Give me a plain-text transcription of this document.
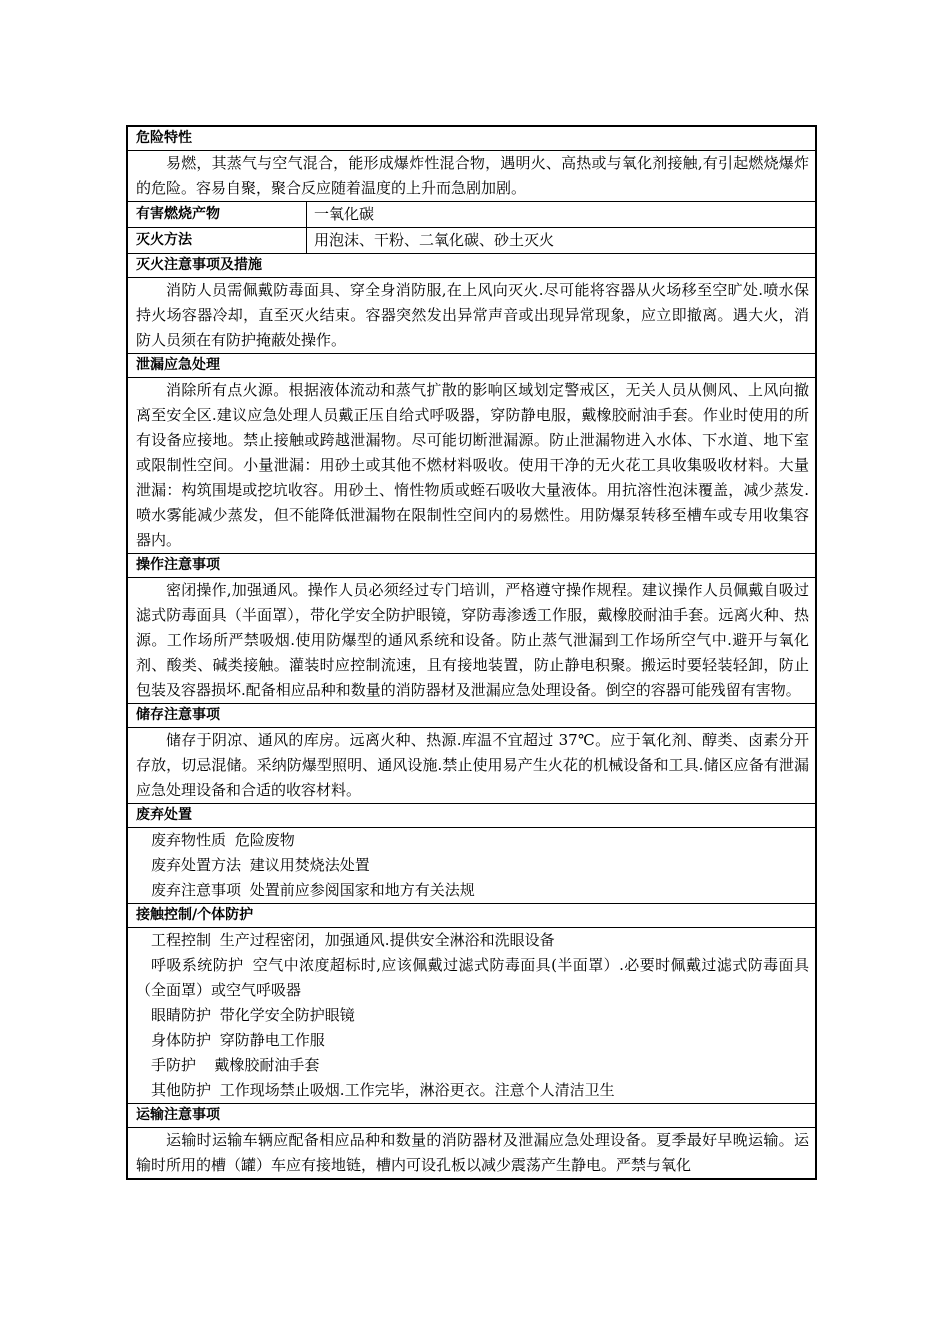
危险特性
易燃，其蒸气与空气混合，能形成爆炸性混合物，遇明火、高热或与氧化剂接触,有引起燃烧爆炸的危险。容易自聚，聚合反应随着温度的上升而急剧加剧。
有害燃烧产物	一氧化碳
灭火方法	用泡沫、干粉、二氧化碳、砂土灭火
灭火注意事项及措施
消防人员需佩戴防毒面具、穿全身消防服,在上风向灭火.尽可能将容器从火场移至空旷处.喷水保持火场容器冷却，直至灭火结束。容器突然发出异常声音或出现异常现象，应立即撤离。遇大火，消防人员须在有防护掩蔽处操作。
泄漏应急处理
消除所有点火源。根据液体流动和蒸气扩散的影响区域划定警戒区，无关人员从侧风、上风向撤离至安全区.建议应急处理人员戴正压自给式呼吸器，穿防静电服，戴橡胶耐油手套。作业时使用的所有设备应接地。禁止接触或跨越泄漏物。尽可能切断泄漏源。防止泄漏物进入水体、下水道、地下室或限制性空间。小量泄漏：用砂土或其他不燃材料吸收。使用干净的无火花工具收集吸收材料。大量泄漏：构筑围堤或挖坑收容。用砂土、惰性物质或蛭石吸收大量液体。用抗溶性泡沫覆盖，减少蒸发.喷水雾能减少蒸发，但不能降低泄漏物在限制性空间内的易燃性。用防爆泵转移至槽车或专用收集容器内。
操作注意事项
密闭操作,加强通风。操作人员必须经过专门培训，严格遵守操作规程。建议操作人员佩戴自吸过滤式防毒面具（半面罩），带化学安全防护眼镜，穿防毒渗透工作服，戴橡胶耐油手套。远离火种、热源。工作场所严禁吸烟.使用防爆型的通风系统和设备。防止蒸气泄漏到工作场所空气中.避开与氧化剂、酸类、碱类接触。灌装时应控制流速，且有接地装置，防止静电积聚。搬运时要轻装轻卸，防止包装及容器损坏.配备相应品种和数量的消防器材及泄漏应急处理设备。倒空的容器可能残留有害物。
储存注意事项
储存于阴凉、通风的库房。远离火种、热源.库温不宜超过 37℃。应于氧化剂、醇类、卤素分开存放，切忌混储。采纳防爆型照明、通风设施.禁止使用易产生火花的机械设备和工具.储区应备有泄漏应急处理设备和合适的收容材料。
废弃处置
废弃物性质 危险废物
废弃处置方法 建议用焚烧法处置
废弃注意事项 处置前应参阅国家和地方有关法规
接触控制/个体防护
工程控制 生产过程密闭，加强通风.提供安全淋浴和洗眼设备
呼吸系统防护 空气中浓度超标时,应该佩戴过滤式防毒面具(半面罩）.必要时佩戴过滤式防毒面具（全面罩）或空气呼吸器
眼睛防护 带化学安全防护眼镜
身体防护 穿防静电工作服
手防护   戴橡胶耐油手套
其他防护 工作现场禁止吸烟.工作完毕，淋浴更衣。注意个人清洁卫生
运输注意事项
运输时运输车辆应配备相应品种和数量的消防器材及泄漏应急处理设备。夏季最好早晚运输。运输时所用的槽（罐）车应有接地链，槽内可设孔板以减少震荡产生静电。严禁与氧化
